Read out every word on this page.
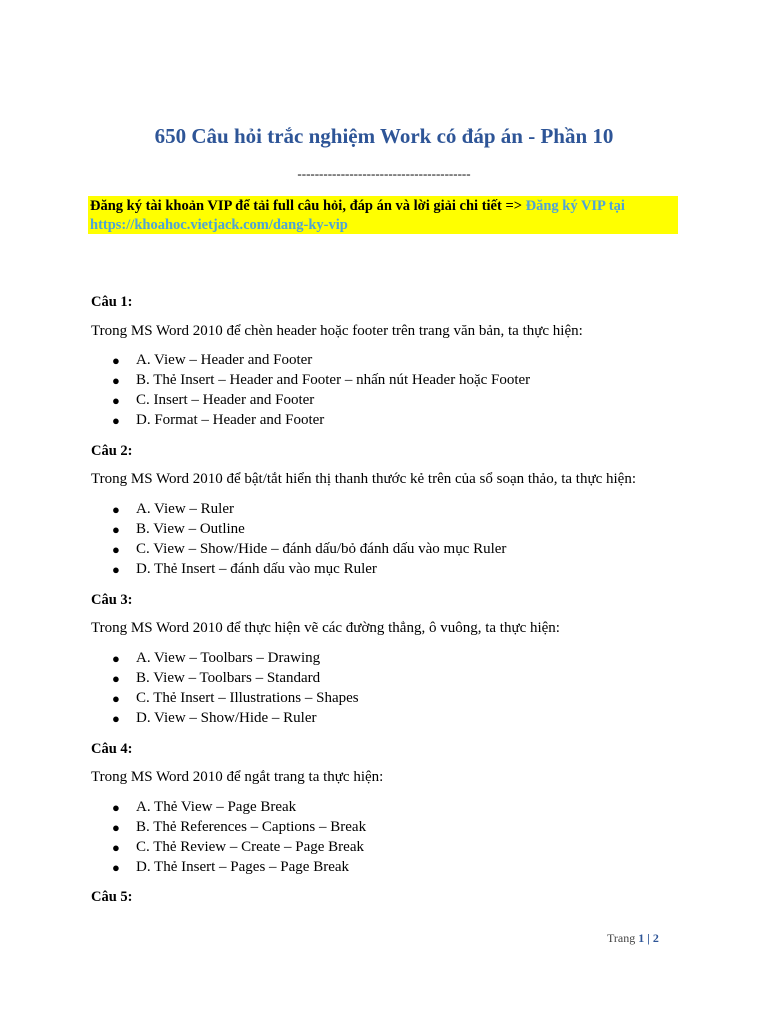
650 Câu hỏi trắc nghiệm Work có đáp án - Phần 10
----------------------------------------
Đăng ký tài khoản VIP để tải full câu hỏi, đáp án và lời giải chi tiết => Đăng ký VIP tại https://khoahoc.vietjack.com/dang-ky-vip
Câu 1:
Trong MS Word 2010 để chèn header hoặc footer trên trang văn bản, ta thực hiện:
● A. View – Header and Footer
● B. Thẻ Insert – Header and Footer – nhấn nút Header hoặc Footer
● C. Insert – Header and Footer
● D. Format – Header and Footer
Câu 2:
Trong MS Word 2010 để bật/tắt hiển thị thanh thước kẻ trên của sổ soạn thảo, ta thực hiện:
● A. View – Ruler
● B. View – Outline
● C. View – Show/Hide – đánh dấu/bỏ đánh dấu vào mục Ruler
● D. Thẻ Insert – đánh dấu vào mục Ruler
Câu 3:
Trong MS Word 2010 để thực hiện vẽ các đường thẳng, ô vuông, ta thực hiện:
● A. View – Toolbars – Drawing
● B. View – Toolbars – Standard
● C. Thẻ Insert – Illustrations – Shapes
● D. View – Show/Hide – Ruler
Câu 4:
Trong MS Word 2010 để ngắt trang ta thực hiện:
● A. Thẻ View – Page Break
● B. Thẻ References – Captions – Break
● C. Thẻ Review – Create – Page Break
● D. Thẻ Insert – Pages – Page Break
Câu 5:
Trang 1 | 2
